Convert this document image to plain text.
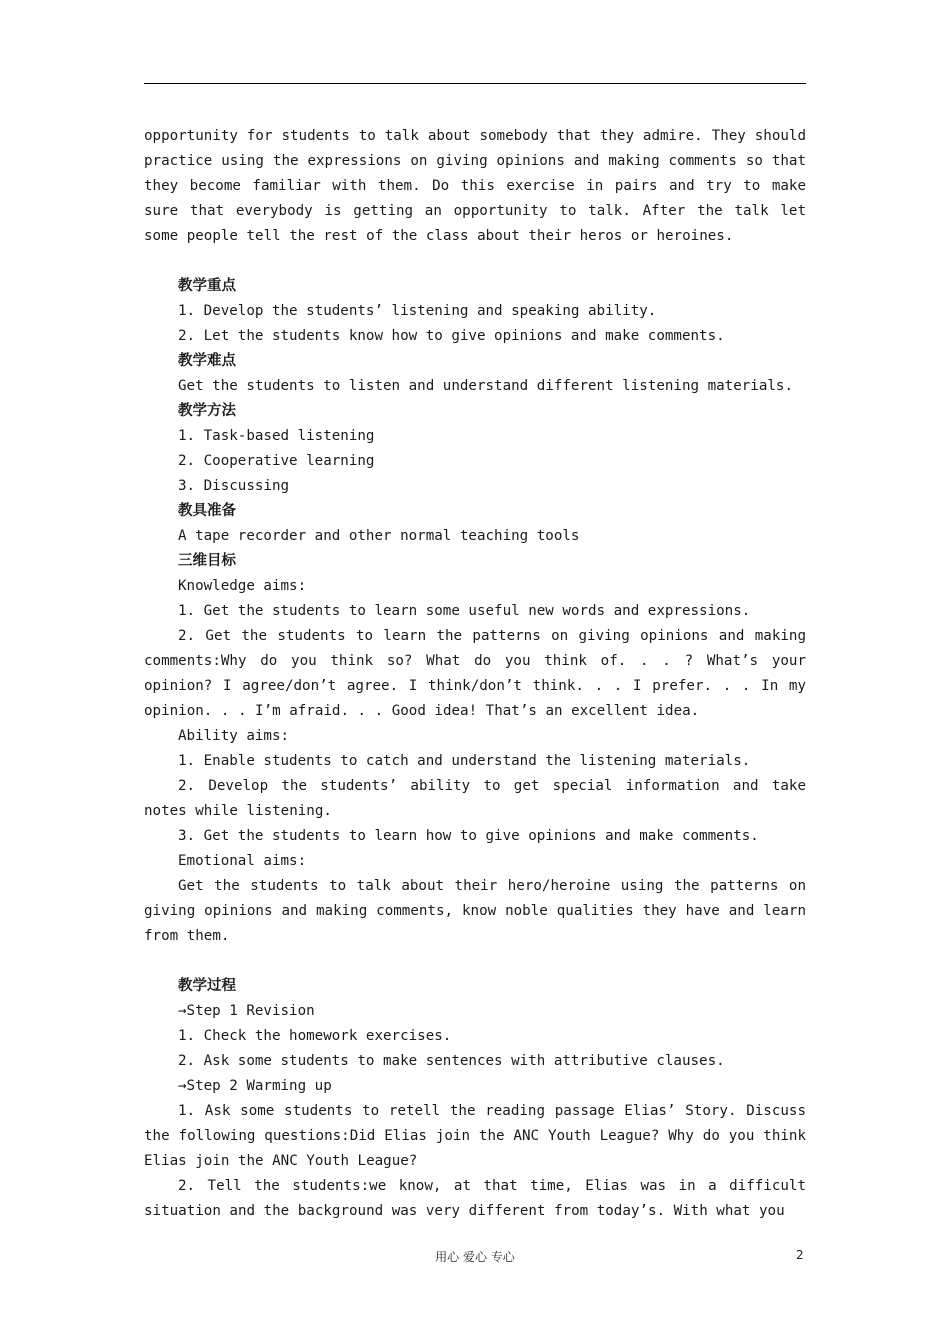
opportunity for students to talk about somebody that they admire. They should practice using the expressions on giving opinions and making comments so that they become familiar with them. Do this exercise in pairs and try to make sure that everybody is getting an opportunity to talk. After the talk let some people tell the rest of the class about their heros or heroines.

教学重点

1. Develop the students’ listening and speaking ability.

2. Let the students know how to give opinions and make comments.

教学难点

Get the students to listen and understand different listening materials.

教学方法

1. Task-based listening

2. Cooperative learning

3. Discussing

教具准备

A tape recorder and other normal teaching tools

三维目标

Knowledge aims:

1. Get the students to learn some useful new words and expressions.

2. Get the students to learn the patterns on giving opinions and making comments:Why do you think so? What do you think of. . . ? What’s your opinion? I agree/don’t agree. I think/don’t think. . . I prefer. . . In my opinion. . . I’m afraid. . . Good idea! That’s an excellent idea.

Ability aims:

1. Enable students to catch and understand the listening materials.

2. Develop the students’ ability to get special information and take notes while listening.

3. Get the students to learn how to give opinions and make comments.

Emotional aims:

Get the students to talk about their hero/heroine using the patterns on giving opinions and making comments, know noble qualities they have and learn from them.

教学过程

→Step 1 Revision

1. Check the homework exercises.

2. Ask some students to make sentences with attributive clauses.

→Step 2 Warming up

1. Ask some students to retell the reading passage Elias’ Story. Discuss the following questions:Did Elias join the ANC Youth League? Why do you think Elias join the ANC Youth League?

2. Tell the students:we know, at that time, Elias was in a difficult situation and the background was very different from today’s. With what you

用心 爱心 专心	2
